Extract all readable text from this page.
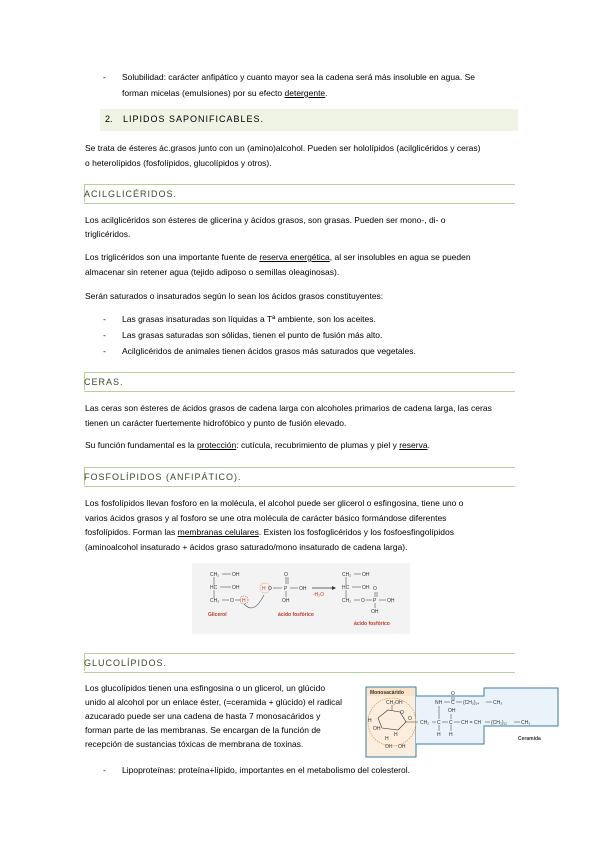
- Solubilidad: carácter anfipático y cuanto mayor sea la cadena será más insoluble en agua. Se
forman micelas (emulsiones) por su efecto detergente.
2. LIPIDOS SAPONIFICABLES.
Se trata de ésteres ác.grasos junto con un (amino)alcohol. Pueden ser hololípidos (acilglicéridos y ceras)
o heterolípidos (fosfolípidos, glucolípidos y otros).
ACILGLICÉRIDOS.
Los acilglicéridos son ésteres de glicerina y ácidos grasos, son grasas. Pueden ser mono-, di- o
triglicéridos.
Los triglicéridos son una importante fuente de reserva energética, al ser insolubles en agua se pueden
almacenar sin retener agua (tejido adiposo o semillas oleaginosas).
Serán saturados o insaturados según lo sean los ácidos grasos constituyentes:
- Las grasas insaturadas son líquidas a Tª ambiente, son los aceites.
- Las grasas saturadas son sólidas, tienen el punto de fusión más alto.
- Acilglicéridos de animales tienen ácidos grasos más saturados que vegetales.
CERAS.
Las ceras son ésteres de ácidos grasos de cadena larga con alcoholes primarios de cadena larga, las ceras
tienen un carácter fuertemente hidrofóbico y punto de fusión elevado.
Su función fundamental es la protección: cutícula, recubrimiento de plumas y piel y reserva.
FOSFOLÍPIDOS (ANFIPÁTICO).
Los fosfolípidos llevan fosforo en la molécula, el alcohol puede ser glicerol o esfingosina, tiene uno o
varios ácidos grasos y al fosforo se une otra molécula de carácter básico formándose diferentes
fosfolípidos. Forman las membranas celulares. Existen los fosfoglicéridos y los fosfoesfingolípidos
(aminoalcohol insaturado + ácidos graso saturado/mono insaturado de cadena larga).
CH₂	OH
HC	OH
CH₂ O H
Glicerol
H O P
O
OH
OH
ácido fosfórico
-H₂O
CH₂ OH
HC	OH
CH₂ O P
O
OH
OH
ácido fosfórico
GLUCOLÍPIDOS.
Los glucolípidos tienen una esfingosina o un glicerol, un glúcido
unido al alcohol por un enlace éster, (=ceramida + glúcido) el radical
azucarado puede ser una cadena de hasta 7 monosacáridos y
forman parte de las membranas. Se encargan de la función de
recepción de sustancias tóxicas de membrana de toxinas.
Monosacárido
Ceramida
CH₂OH
O
H
OH
H
OH
H
OH
O
CH₂ C C CH = CH (CH₂)₁₂	CH₃
H H
OH
NH C
O
(CH₂)₁₄	CH₃
- Lipoproteínas: proteína+lípido, importantes en el metabolismo del colesterol.
